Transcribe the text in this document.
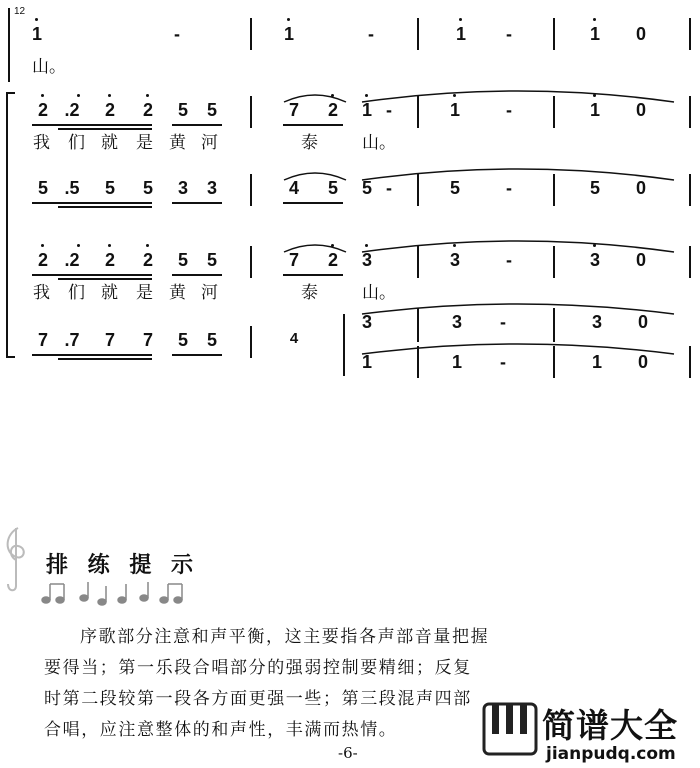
12
1	-	1	-	1	-	1 0
山。
2 .2 2 2 5 5	7 2 1 -	1	-	1 0
我 们 就 是 黄 河	泰	山。
5 .5 5 5 3 3	4 5 5 -	5	-	5 0
2 .2 2 2 5 5	7 2 3	3	-	3 0
我 们 就 是 黄 河	泰	山。
7 .7 7 7 5 5	4
3	3 -	3 0
1	1 -	1 0
排 练 提 示
序歌部分注意和声平衡，这主要指各声部音量把握
要得当；第一乐段合唱部分的强弱控制要精细；反复
时第二段较第一段各方面更强一些；第三段混声四部
合唱，应注意整体的和声性，丰满而热情。
-6-
简谱大全
jianpudq.com
